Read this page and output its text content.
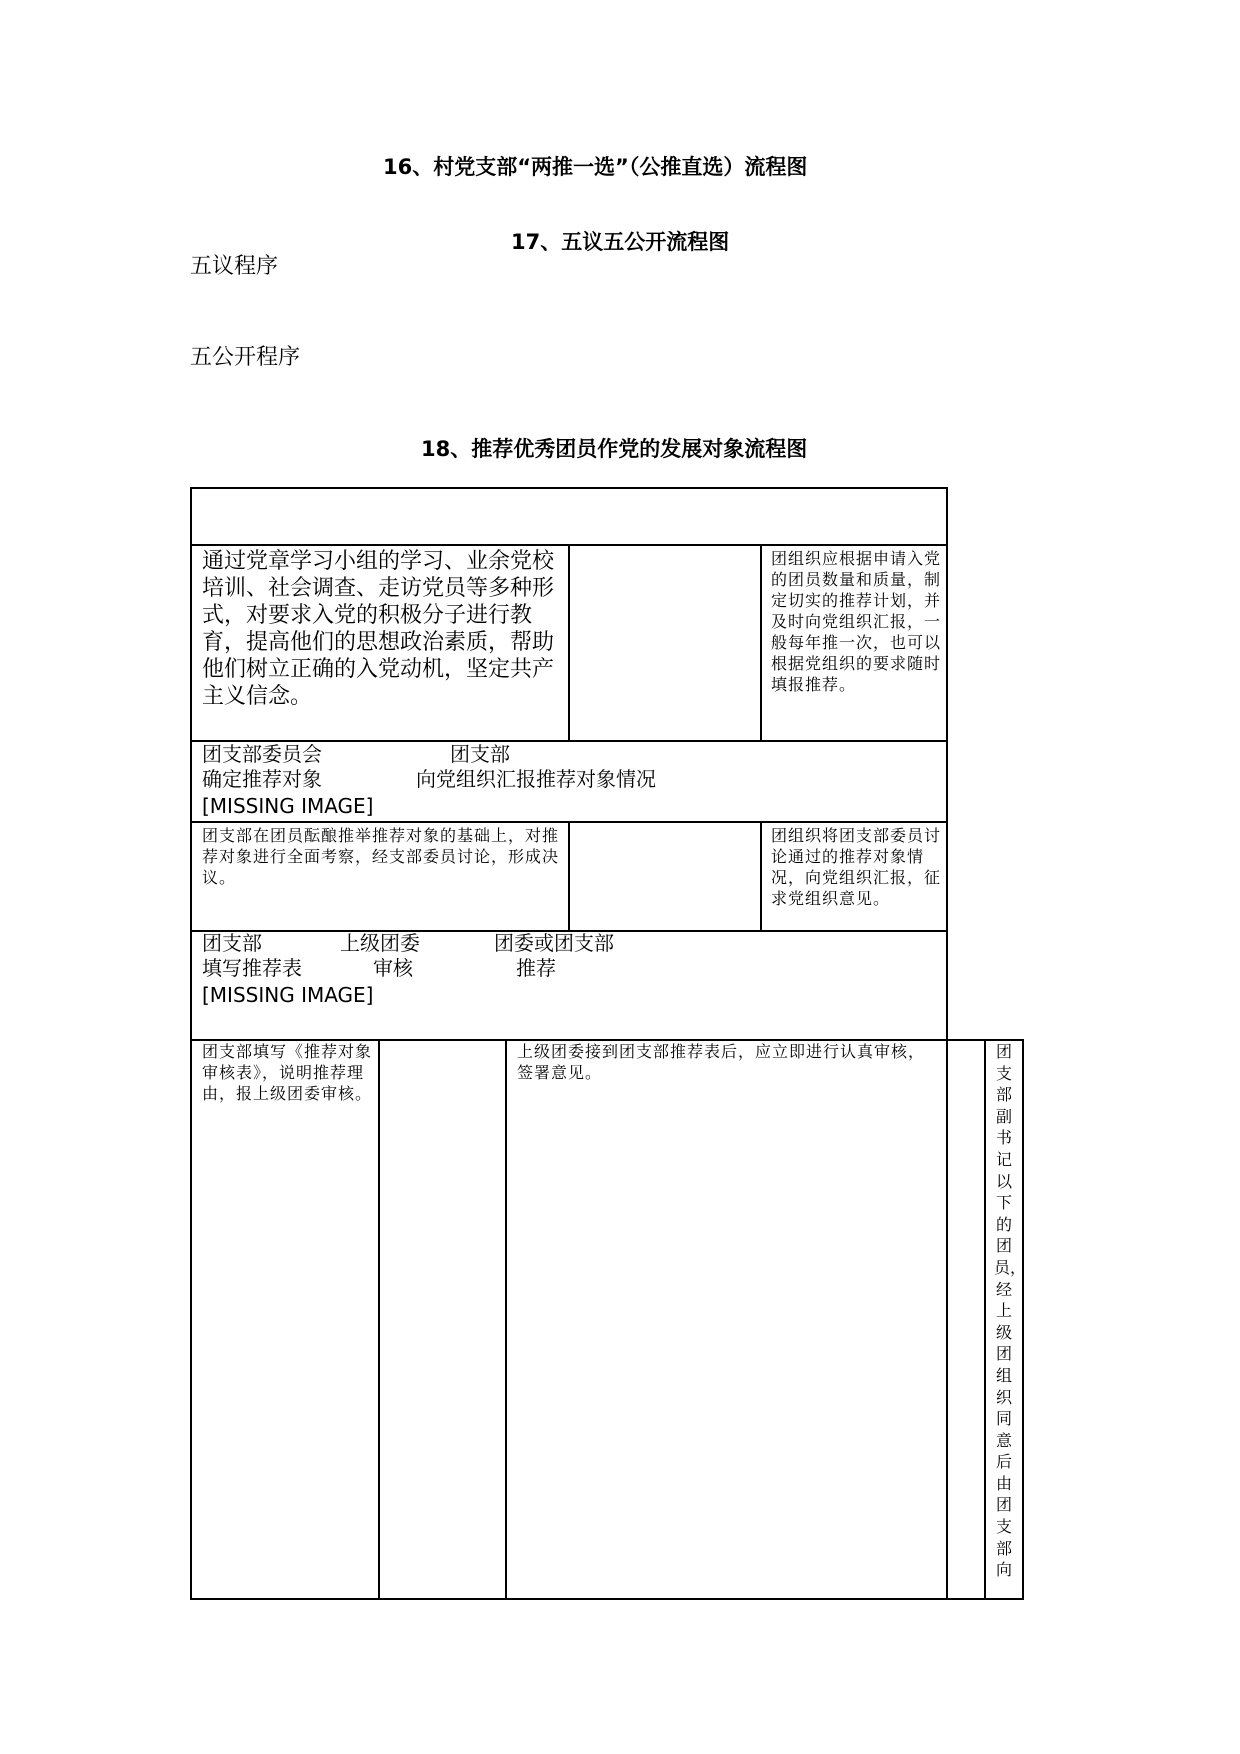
16、村党支部“两推一选”（公推直选）流程图
17、五议五公开流程图
五议程序
五公开程序
18、推荐优秀团员作党的发展对象流程图
通过党章学习小组的学习、业余党校培训、社会调查、走访党员等多种形式，对要求入党的积极分子进行教育，提高他们的思想政治素质，帮助他们树立正确的入党动机，坚定共产主义信念。
团组织应根据申请入党的团员数量和质量，制定切实的推荐计划，并及时向党组织汇报，一般每年推一次，也可以根据党组织的要求随时填报推荐。
团支部委员会
确定推荐对象
团支部
向党组织汇报推荐对象情况
[MISSING IMAGE]
团支部在团员酝酿推举推荐对象的基础上，对推荐对象进行全面考察，经支部委员讨论，形成决议。
团组织将团支部委员讨论通过的推荐对象情况，向党组织汇报，征求党组织意见。
团支部
填写推荐表
上级团委
审核
团委或团支部
推荐
[MISSING IMAGE]
团支部填写《推荐对象审核表》，说明推荐理由，报上级团委审核。
上级团委接到团支部推荐表后，应立即进行认真审核，签署意见。
团支部副书记以下的团员，经上级团组织同意后由团支部向
